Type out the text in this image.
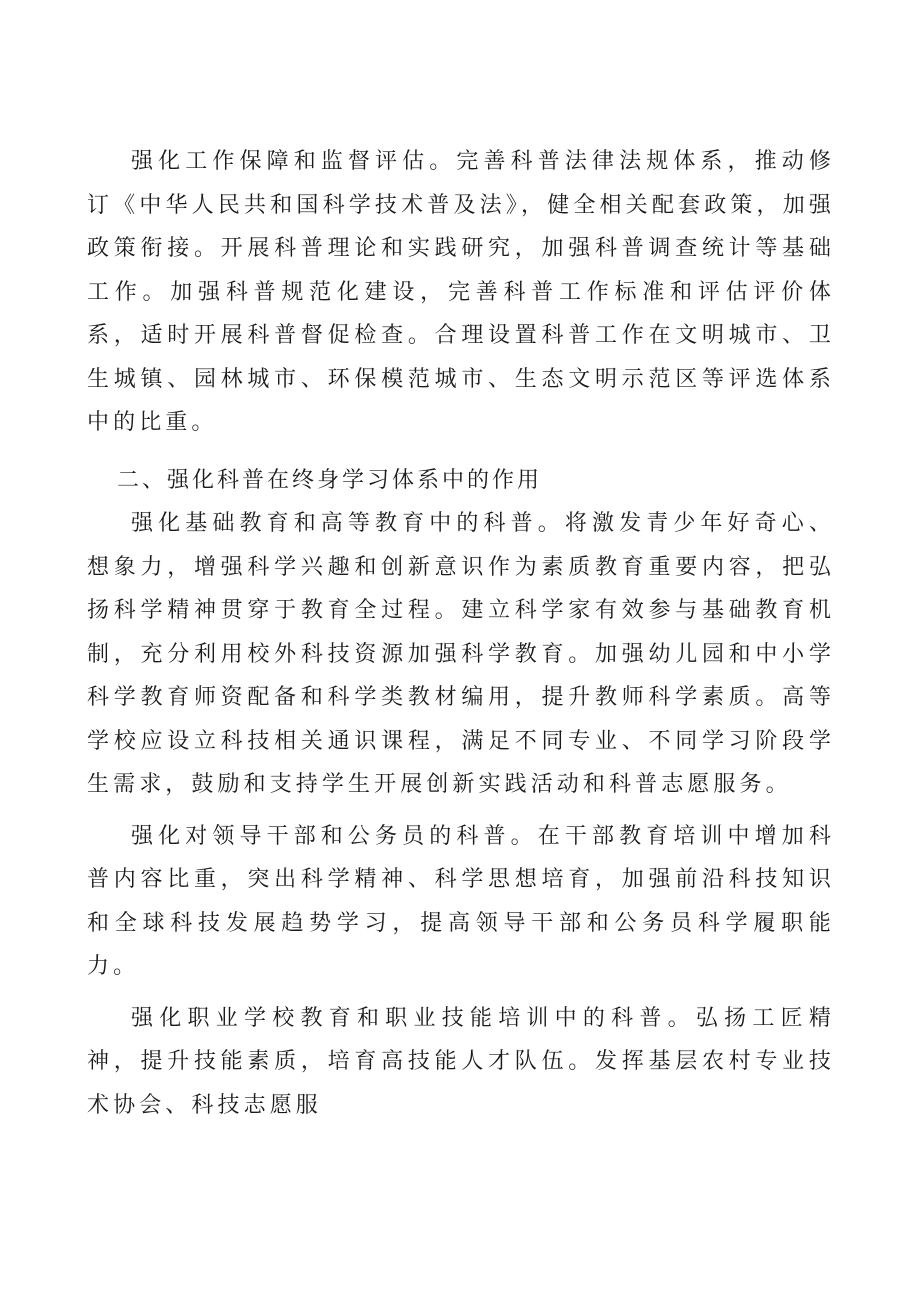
强化工作保障和监督评估。完善科普法律法规体系，推动修订《中华人民共和国科学技术普及法》，健全相关配套政策，加强政策衔接。开展科普理论和实践研究，加强科普调查统计等基础工作。加强科普规范化建设，完善科普工作标准和评估评价体系，适时开展科普督促检查。合理设置科普工作在文明城市、卫生城镇、园林城市、环保模范城市、生态文明示范区等评选体系中的比重。

二、强化科普在终身学习体系中的作用

强化基础教育和高等教育中的科普。将激发青少年好奇心、想象力，增强科学兴趣和创新意识作为素质教育重要内容，把弘扬科学精神贯穿于教育全过程。建立科学家有效参与基础教育机制，充分利用校外科技资源加强科学教育。加强幼儿园和中小学科学教育师资配备和科学类教材编用，提升教师科学素质。高等学校应设立科技相关通识课程，满足不同专业、不同学习阶段学生需求，鼓励和支持学生开展创新实践活动和科普志愿服务。

强化对领导干部和公务员的科普。在干部教育培训中增加科普内容比重，突出科学精神、科学思想培育，加强前沿科技知识和全球科技发展趋势学习，提高领导干部和公务员科学履职能力。

强化职业学校教育和职业技能培训中的科普。弘扬工匠精神，提升技能素质，培育高技能人才队伍。发挥基层农村专业技术协会、科技志愿服
